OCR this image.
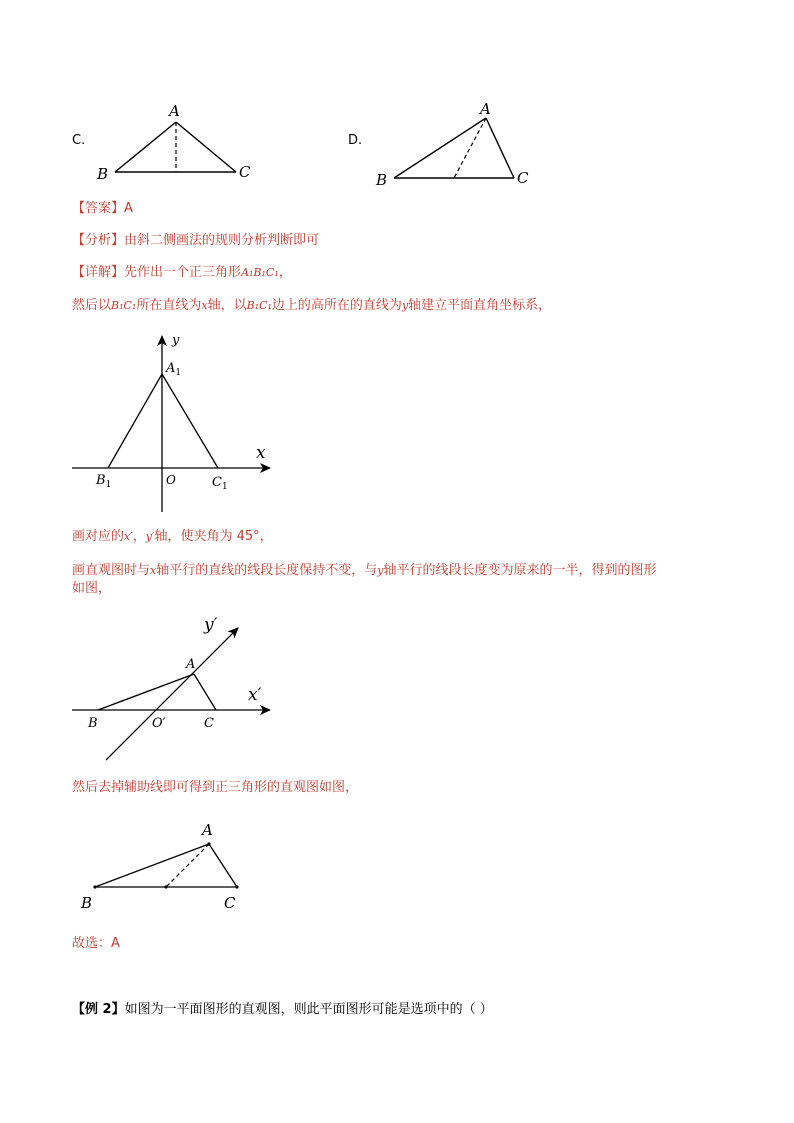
C.
A
B	C
D.
A
B	C
【答案】A
【分析】由斜二侧画法的规则分析判断即可
【详解】先作出一个正三角形A₁B₁C₁，
然后以B₁C₁所在直线为x轴，以B₁C₁边上的高所在的直线为y轴建立平面直角坐标系，
y
x
$A_1$
$B_1$	O	$C_1$
画对应的x′，y′轴，使夹角为 45°，
画直观图时与x轴平行的直线的线段长度保持不变，与y轴平行的线段长度变为原来的一半，得到的图形
如图，
y′
x′
A
B	O′	C
然后去掉辅助线即可得到正三角形的直观图如图，
A
B	C
故选：A
【例 2】如图为一平面图形的直观图，则此平面图形可能是选项中的（ ）
